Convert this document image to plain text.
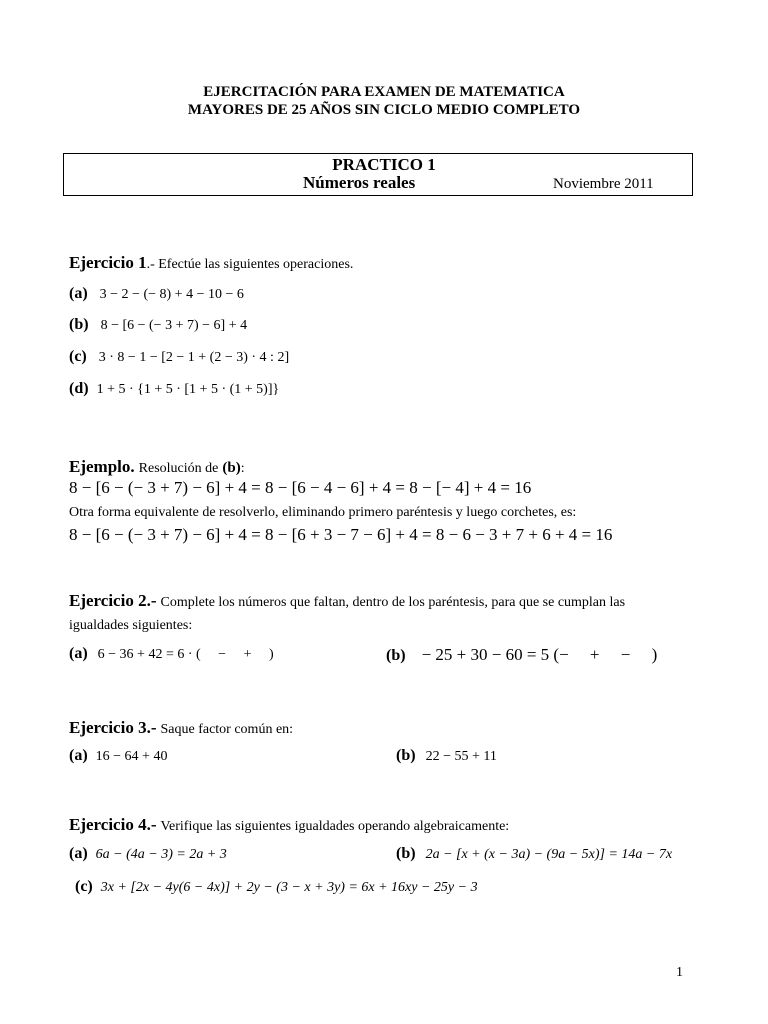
EJERCITACIÓN PARA EXAMEN DE MATEMATICA
MAYORES DE 25 AÑOS SIN CICLO MEDIO COMPLETO
PRACTICO 1
Números reales	Noviembre 2011
Ejercicio 1.- Efectúe las siguientes operaciones.
(a) 3 − 2 − (− 8) + 4 − 10 − 6
(b) 8 − [6 − (− 3 + 7) − 6] + 4
(c) 3 · 8 − 1 − [2 − 1 + (2 − 3) · 4 : 2]
(d) 1 + 5 · {1 + 5 · [1 + 5 · (1 + 5)]}
Ejemplo. Resolución de (b):
8 − [6 − (− 3 + 7) − 6] + 4 = 8 − [6 − 4 − 6] + 4 = 8 − [− 4] + 4 = 16
Otra forma equivalente de resolverlo, eliminando primero paréntesis y luego corchetes, es:
8 − [6 − (− 3 + 7) − 6] + 4 = 8 − [6 + 3 − 7 − 6] + 4 = 8 − 6 − 3 + 7 + 6 + 4 = 16
Ejercicio 2.- Complete los números que faltan, dentro de los paréntesis, para que se cumplan las
igualdades siguientes:
(a) 6 − 36 + 42 = 6 · (     −     +     )	(b) − 25 + 30 − 60 = 5 (−     +     −     )
Ejercicio 3.- Saque factor común en:
(a) 16 − 64 + 40	(b) 22 − 55 + 11
Ejercicio 4.- Verifique las siguientes igualdades operando algebraicamente:
(a) 6a − (4a − 3) = 2a + 3	(b) 2a − [x + (x − 3a) − (9a − 5x)] = 14a − 7x
(c) 3x + [2x − 4y(6 − 4x)] + 2y − (3 − x + 3y) = 6x + 16xy − 25y − 3
1
